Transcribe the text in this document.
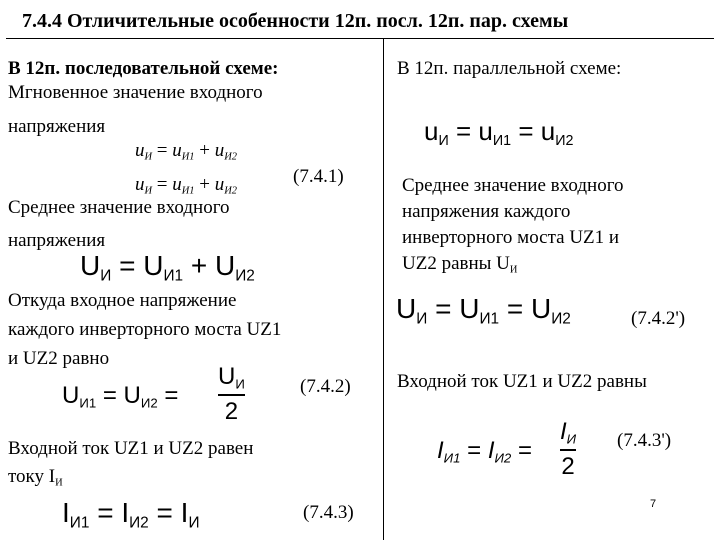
7.4.4 Отличительные особенности 12п. посл. 12п. пар. схемы
В 12п. последовательной схеме:
Мгновенное значение входного
напряжения
$u_И = u_{И1} + u_{И2}$
$u_И = u_{И1} + u_{И2}$
(7.4.1)
Среднее значение входного
напряжения
$U_И = U_{И1} + U_{И2}$
Откуда входное напряжение
каждого инверторного моста UZ1
и UZ2 равно
$U_{И1} = U_{И2}$ =
$U_И$
2
(7.4.2)
Входной ток UZ1 и UZ2 равен
току $I_И$
$I_{И1} = I_{И2} = I_И$	(7.4.3)
В 12п. параллельной схеме:
$u_И = u_{И1} = u_{И2}$
Среднее значение входного
напряжения каждого
инверторного моста UZ1 и
UZ2 равны $U_И$
$U_И = U_{И1} = U_{И2}$	(7.4.2')
Входной ток UZ1 и UZ2 равны
$I_{И1} = I_{И2}$ =
$I_И$
2
(7.4.3')
7
